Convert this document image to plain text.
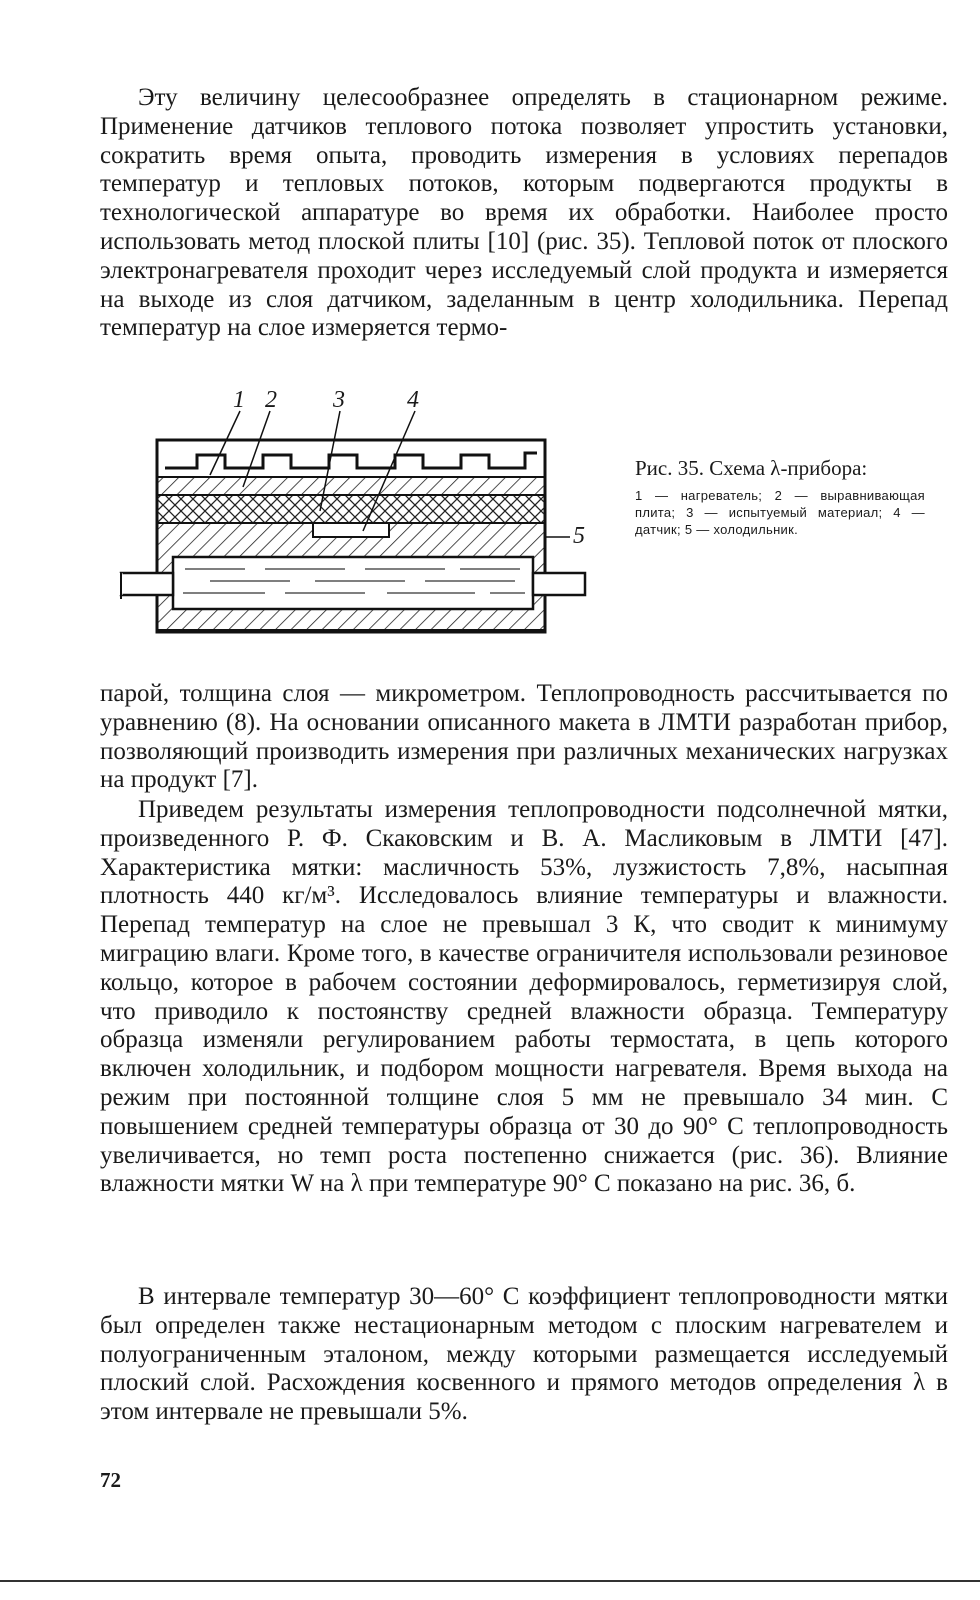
Эту величину целесообразнее определять в стационарном режиме. Применение датчиков теплового потока позволяет упростить установки, сократить время опыта, проводить измерения в условиях перепадов температур и тепловых потоков, которым подвергаются продукты в технологической аппаратуре во время их обработки. Наиболее просто использовать метод плоской плиты [10] (рис. 35). Тепловой поток от плоского электронагревателя проходит через исследуемый слой продукта и измеряется на выходе из слоя датчиком, заделанным в центр холодильника. Перепад температур на слое измеряется термо-

1 2 3	4
5

Рис. 35. Схема λ-прибора:

1 — нагреватель; 2 — выравнивающая плита; 3 — испытуемый материал; 4 — датчик; 5 — холодильник.

парой, толщина слоя — микрометром. Теплопроводность рассчитывается по уравнению (8). На основании описанного макета в ЛМТИ разработан прибор, позволяющий производить измерения при различных механических нагрузках на продукт [7].

Приведем результаты измерения теплопроводности подсолнечной мятки, произведенного Р. Ф. Скаковским и В. А. Масликовым в ЛМТИ [47]. Характеристика мятки: масличность 53%, лузжистость 7,8%, насыпная плотность 440 кг/м³. Исследовалось влияние температуры и влажности. Перепад температур на слое не превышал 3 К, что сводит к минимуму миграцию влаги. Кроме того, в качестве ограничителя использовали резиновое кольцо, которое в рабочем состоянии деформировалось, герметизируя слой, что приводило к постоянству средней влажности образца. Температуру образца изменяли регулированием работы термостата, в цепь которого включен холодильник, и подбором мощности нагревателя. Время выхода на режим при постоянной толщине слоя 5 мм не превышало 34 мин. С повышением средней температуры образца от 30 до 90° С теплопроводность увеличивается, но темп роста постепенно снижается (рис. 36). Влияние влажности мятки W на λ при температуре 90° С показано на рис. 36, б.

В интервале температур 30—60° С коэффициент теплопроводности мятки был определен также нестационарным методом с плоским нагревателем и полуограниченным эталоном, между которыми размещается исследуемый плоский слой. Расхождения косвенного и прямого методов определения λ в этом интервале не превышали 5%.

72
